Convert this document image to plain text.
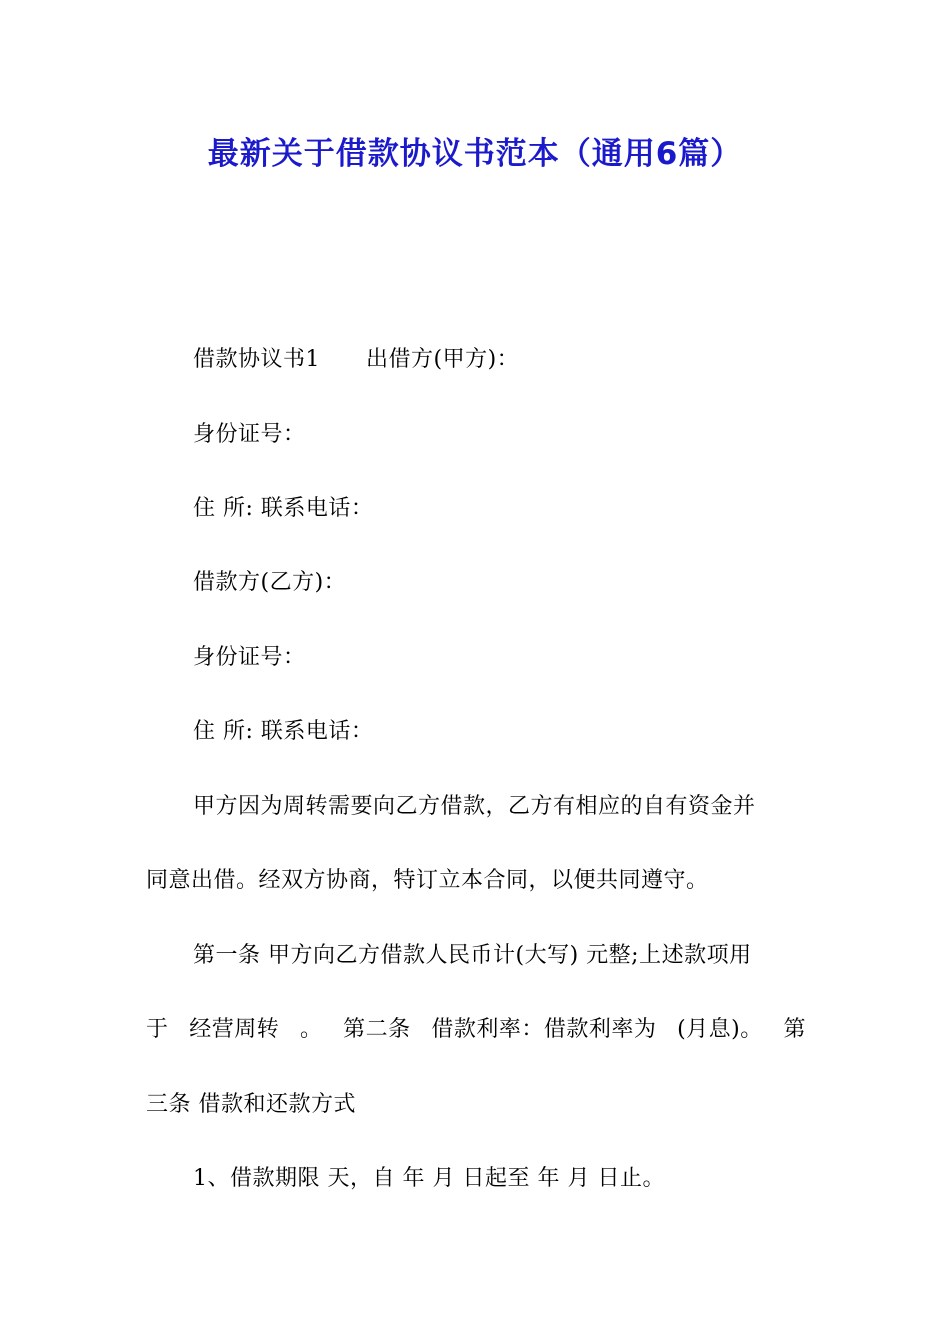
最新关于借款协议书范本（通用6篇）
借款协议书1 出借方(甲方)：
身份证号：
住 所: 联系电话：
借款方(乙方)：
身份证号：
住 所: 联系电话：
甲方因为周转需要向乙方借款，乙方有相应的自有资金并
同意出借。经双方协商，特订立本合同，以便共同遵守。
第一条 甲方向乙方借款人民币计(大写) 元整;上述款项用
于 经营周转 。 第二条 借款利率：借款利率为 (月息)。 第
三条 借款和还款方式
1、借款期限 天，自 年 月 日起至 年 月 日止。
